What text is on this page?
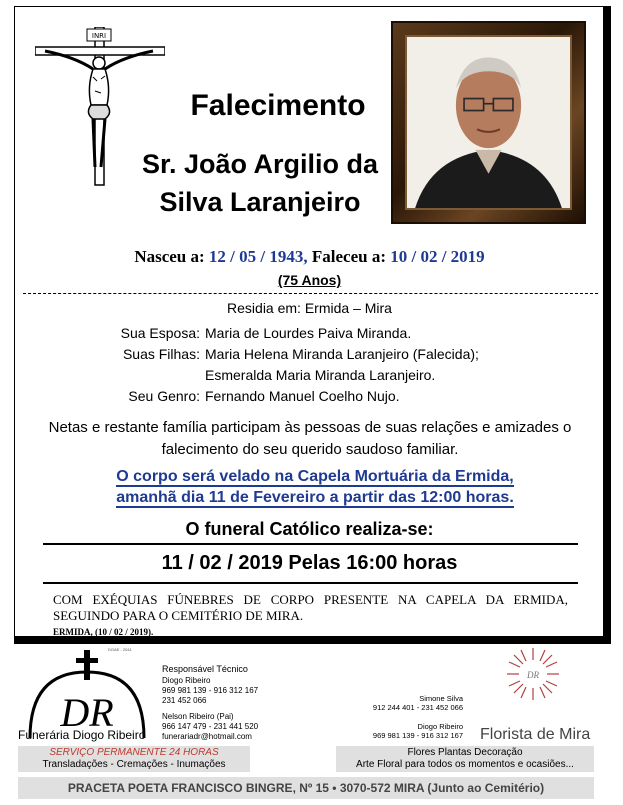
INRI
Falecimento
Sr. João Argilio da Silva Laranjeiro
Nasceu a: 12 / 05 / 1943, Faleceu a: 10 / 02 / 2019
(75 Anos)
Residia em: Ermida – Mira
Sua Esposa: Maria de Lourdes Paiva Miranda.
Suas Filhas: Maria Helena Miranda Laranjeiro (Falecida);
Esmeralda Maria Miranda Laranjeiro.
Seu Genro: Fernando Manuel Coelho Nujo.
Netas e restante família participam às pessoas de suas relações e amizades o falecimento do seu querido saudoso familiar.
O corpo será velado na Capela Mortuária da Ermida,
amanhã dia 11 de Fevereiro a partir das 12:00 horas.
O funeral Católico realiza-se:
11 / 02 / 2019 Pelas 16:00 horas
COM EXÉQUIAS FÚNEBRES DE CORPO PRESENTE NA CAPELA DA ERMIDA, SEGUINDO PARA O CEMITÉRIO DE MIRA.
ERMIDA, (10 / 02 / 2019).
DGAE - 2041
DR
Funerária Diogo Ribeiro
Responsável Técnico
Diogo Ribeiro
969 981 139 - 916 312 167
231 452 066
Nelson Ribeiro (Pai)
966 147 479 - 231 441 520
funerariadr@hotmail.com
Simone Silva
912 244 401 - 231 452 066
Diogo Ribeiro
969 981 139 - 916 312 167
DR
Florista de Mira
SERVIÇO PERMANENTE 24 HORAS
Transladações - Cremações - Inumações
Flores Plantas Decoração
Arte Floral para todos os momentos e ocasiões...
PRACETA POETA FRANCISCO BINGRE, Nº 15 • 3070-572 MIRA (Junto ao Cemitério)
